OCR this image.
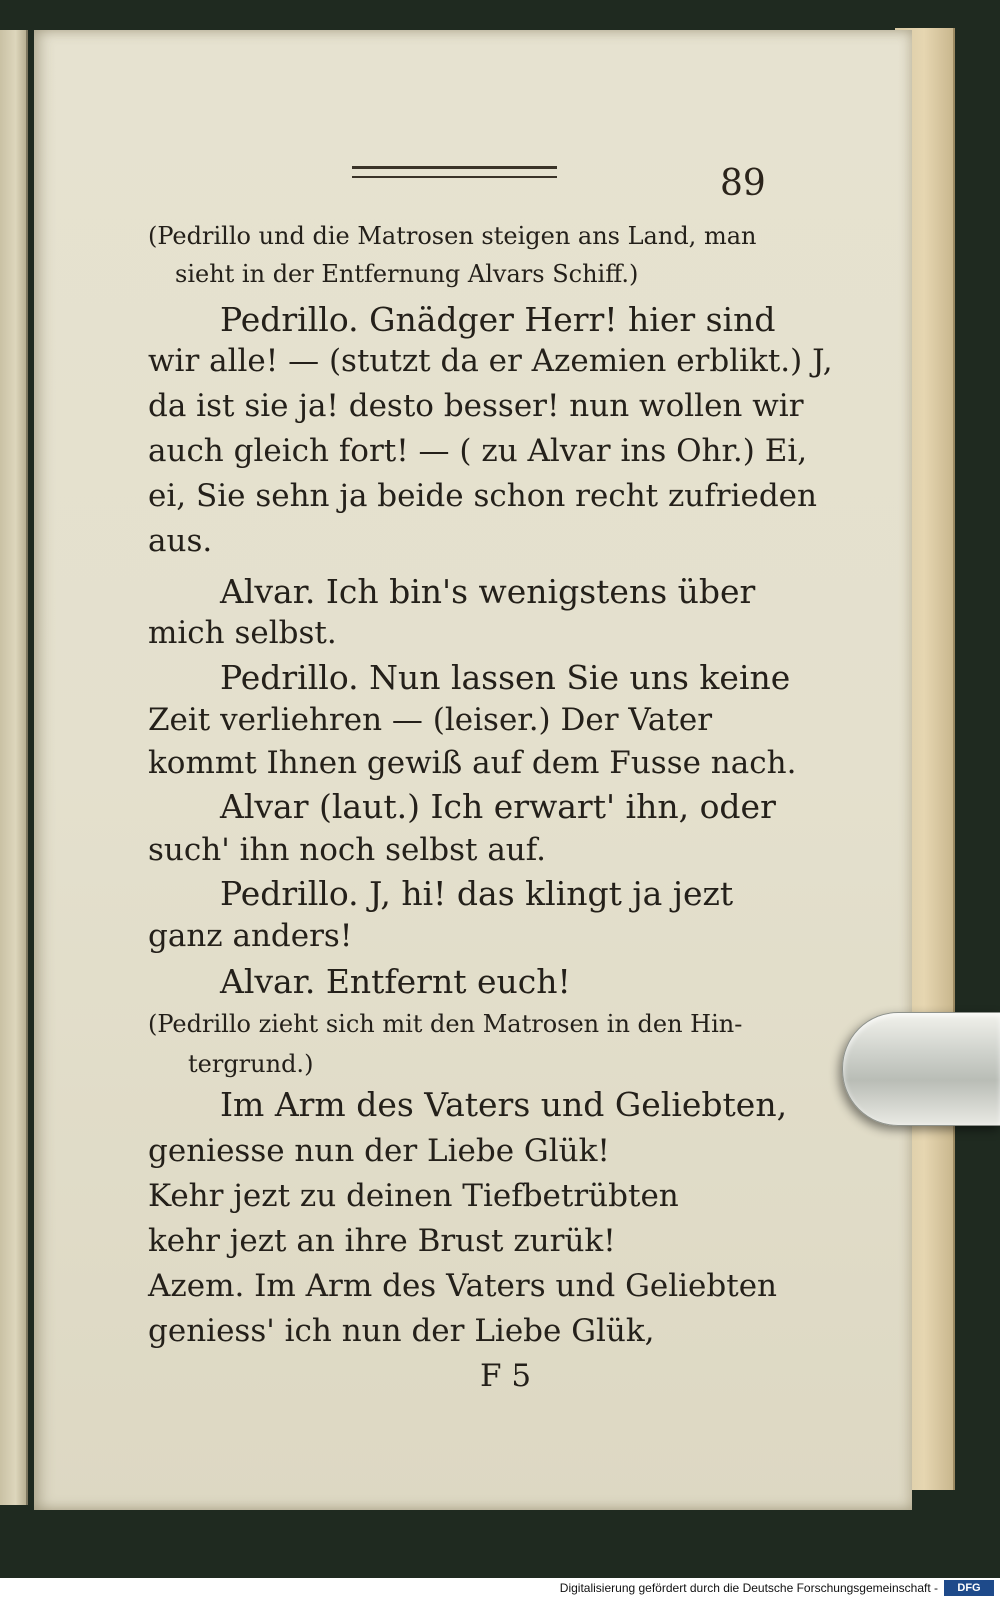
89
(Pedrillo und die Matrosen steigen ans Land, man
sieht in der Entfernung Alvars Schiff.)
Pedrillo. Gnädger Herr! hier sind
wir alle! — (stutzt da er Azemien erblikt.) J,
da ist sie ja! desto besser! nun wollen wir
auch gleich fort! — ( zu Alvar ins Ohr.) Ei,
ei, Sie sehn ja beide schon recht zufrieden
aus.
Alvar. Ich bin's wenigstens über
mich selbst.
Pedrillo. Nun lassen Sie uns keine
Zeit verliehren — (leiser.) Der Vater
kommt Ihnen gewiß auf dem Fusse nach.
Alvar (laut.) Ich erwart' ihn, oder
such' ihn noch selbst auf.
Pedrillo. J, hi! das klingt ja jezt
ganz anders!
Alvar. Entfernt euch!
(Pedrillo zieht sich mit den Matrosen in den Hin-
tergrund.)
Im Arm des Vaters und Geliebten,
geniesse nun der Liebe Glük!
Kehr jezt zu deinen Tiefbetrübten
kehr jezt an ihre Brust zurük!
Azem. Im Arm des Vaters und Geliebten
geniess' ich nun der Liebe Glük,
F 5
Digitalisierung gefördert durch die Deutsche Forschungsgemeinschaft -	DFG
